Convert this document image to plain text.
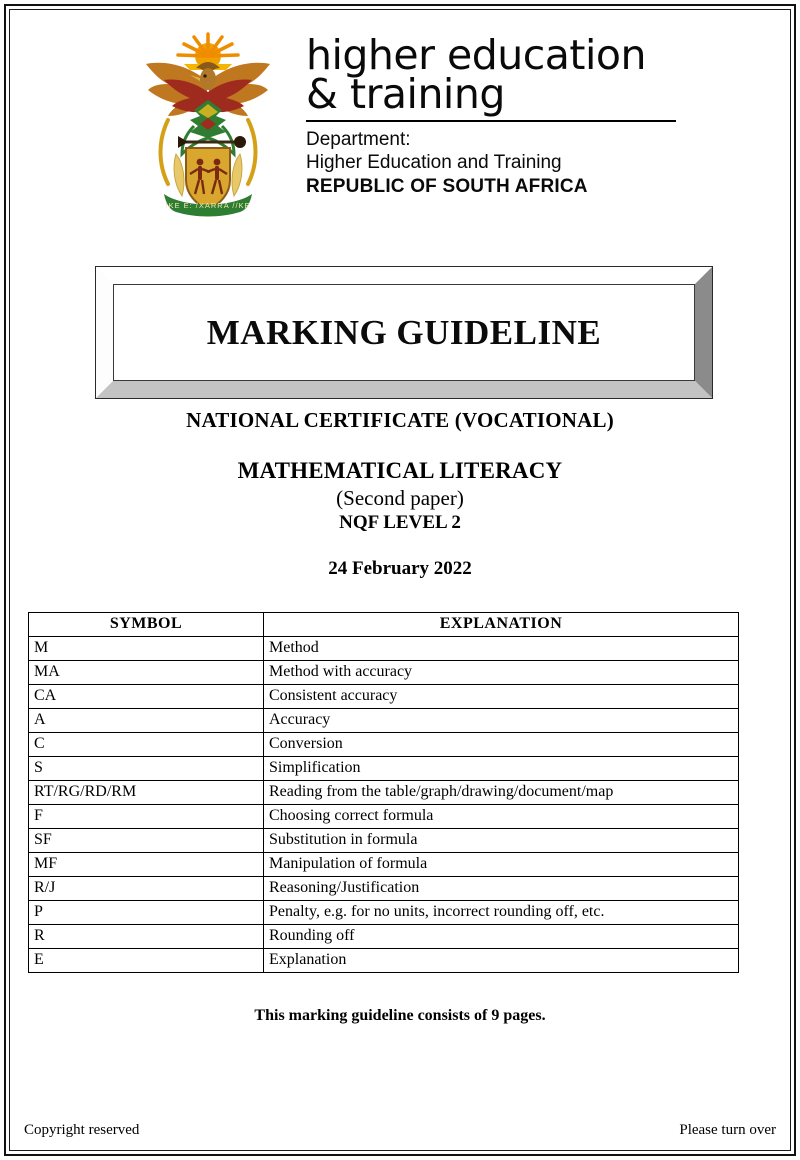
!KE E: /XARRA //KE
higher education
& training
Department:
Higher Education and Training
REPUBLIC OF SOUTH AFRICA
MARKING GUIDELINE
NATIONAL CERTIFICATE (VOCATIONAL)
MATHEMATICAL LITERACY
(Second paper)
NQF LEVEL 2
24 February 2022
SYMBOL	EXPLANATION
M	Method
MA	Method with accuracy
CA	Consistent accuracy
A	Accuracy
C	Conversion
S	Simplification
RT/RG/RD/RM	Reading from the table/graph/drawing/document/map
F	Choosing correct formula
SF	Substitution in formula
MF	Manipulation of formula
R/J	Reasoning/Justification
P	Penalty, e.g. for no units, incorrect rounding off, etc.
R	Rounding off
E	Explanation
This marking guideline consists of 9 pages.
Copyright reserved	Please turn over
